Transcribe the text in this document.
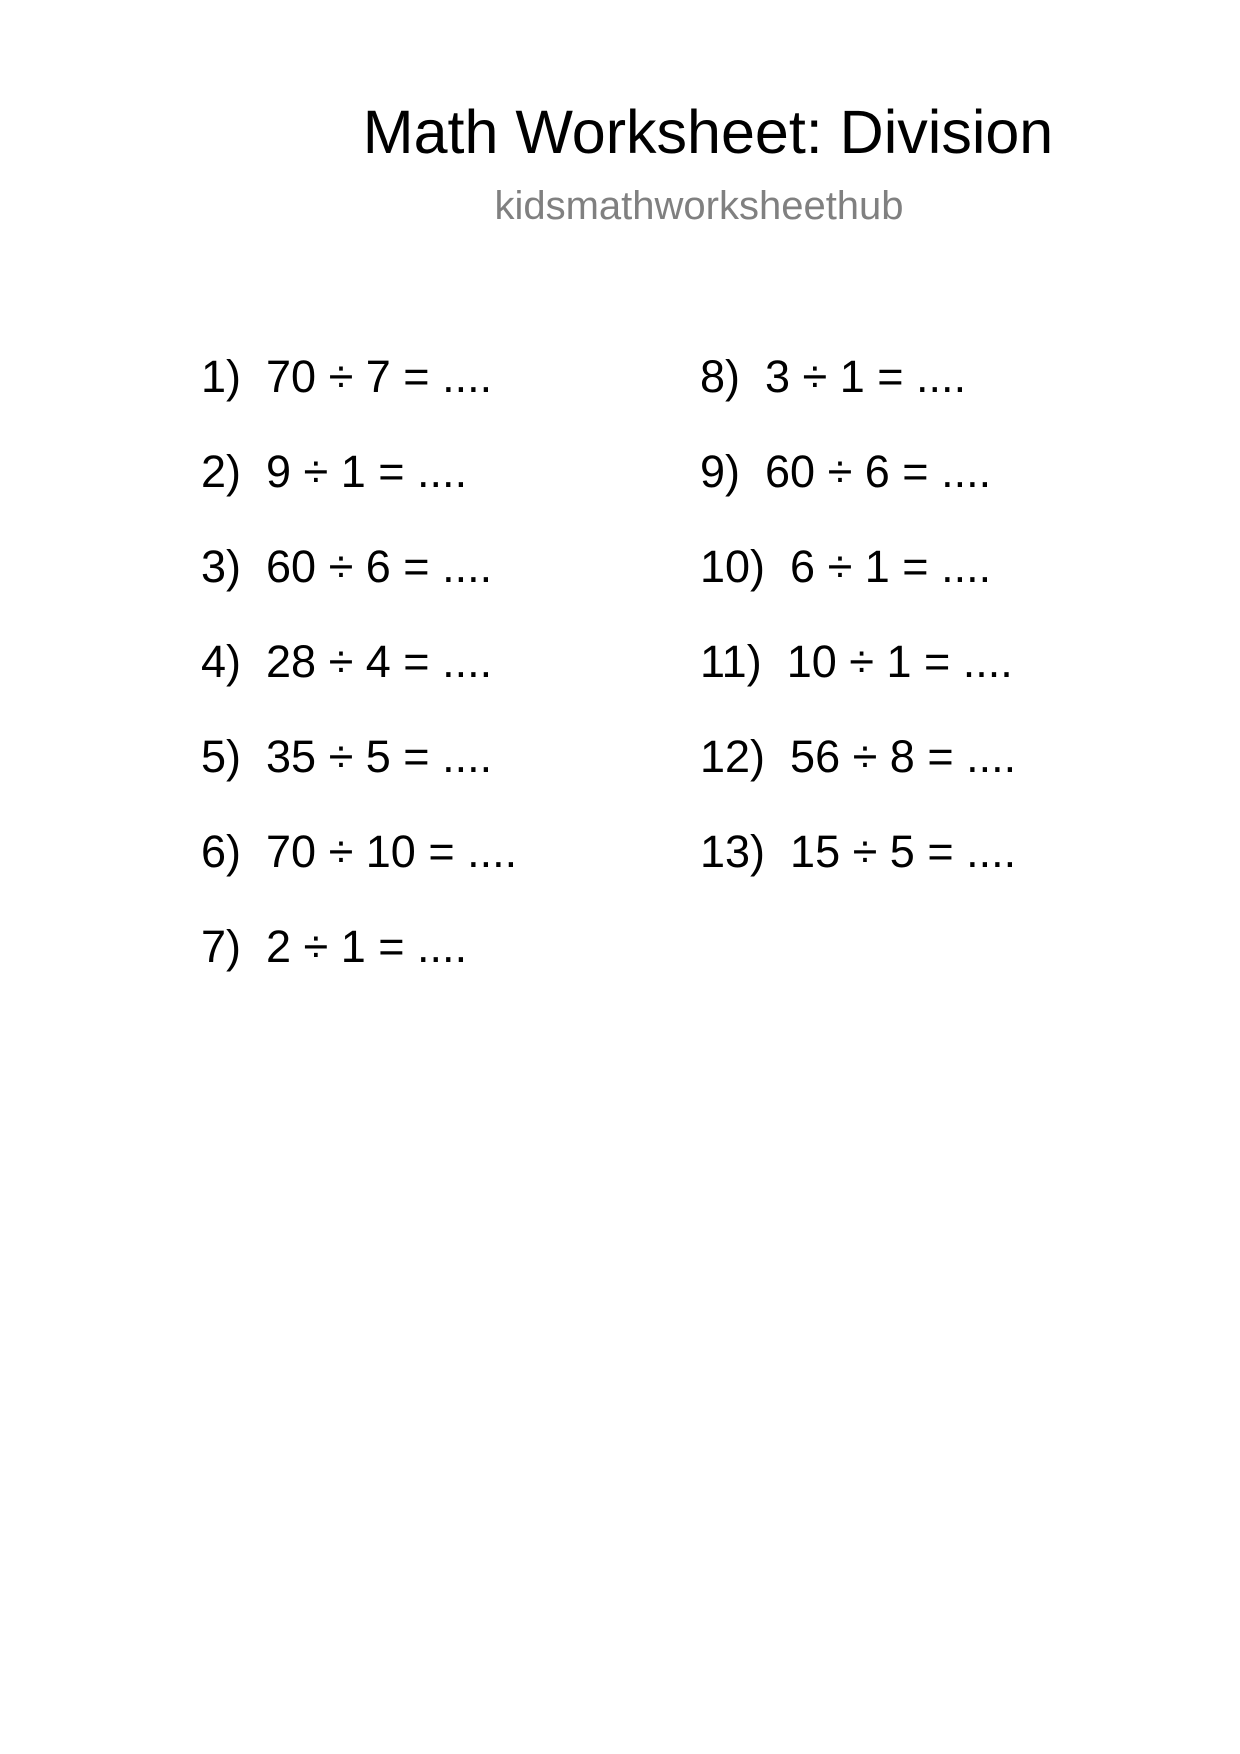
Math Worksheet: Division
kidsmathworksheethub
1)  70 ÷ 7 = ....
2)  9 ÷ 1 = ....
3)  60 ÷ 6 = ....
4)  28 ÷ 4 = ....
5)  35 ÷ 5 = ....
6)  70 ÷ 10 = ....
7)  2 ÷ 1 = ....
8)  3 ÷ 1 = ....
9)  60 ÷ 6 = ....
10)  6 ÷ 1 = ....
11)  10 ÷ 1 = ....
12)  56 ÷ 8 = ....
13)  15 ÷ 5 = ....
